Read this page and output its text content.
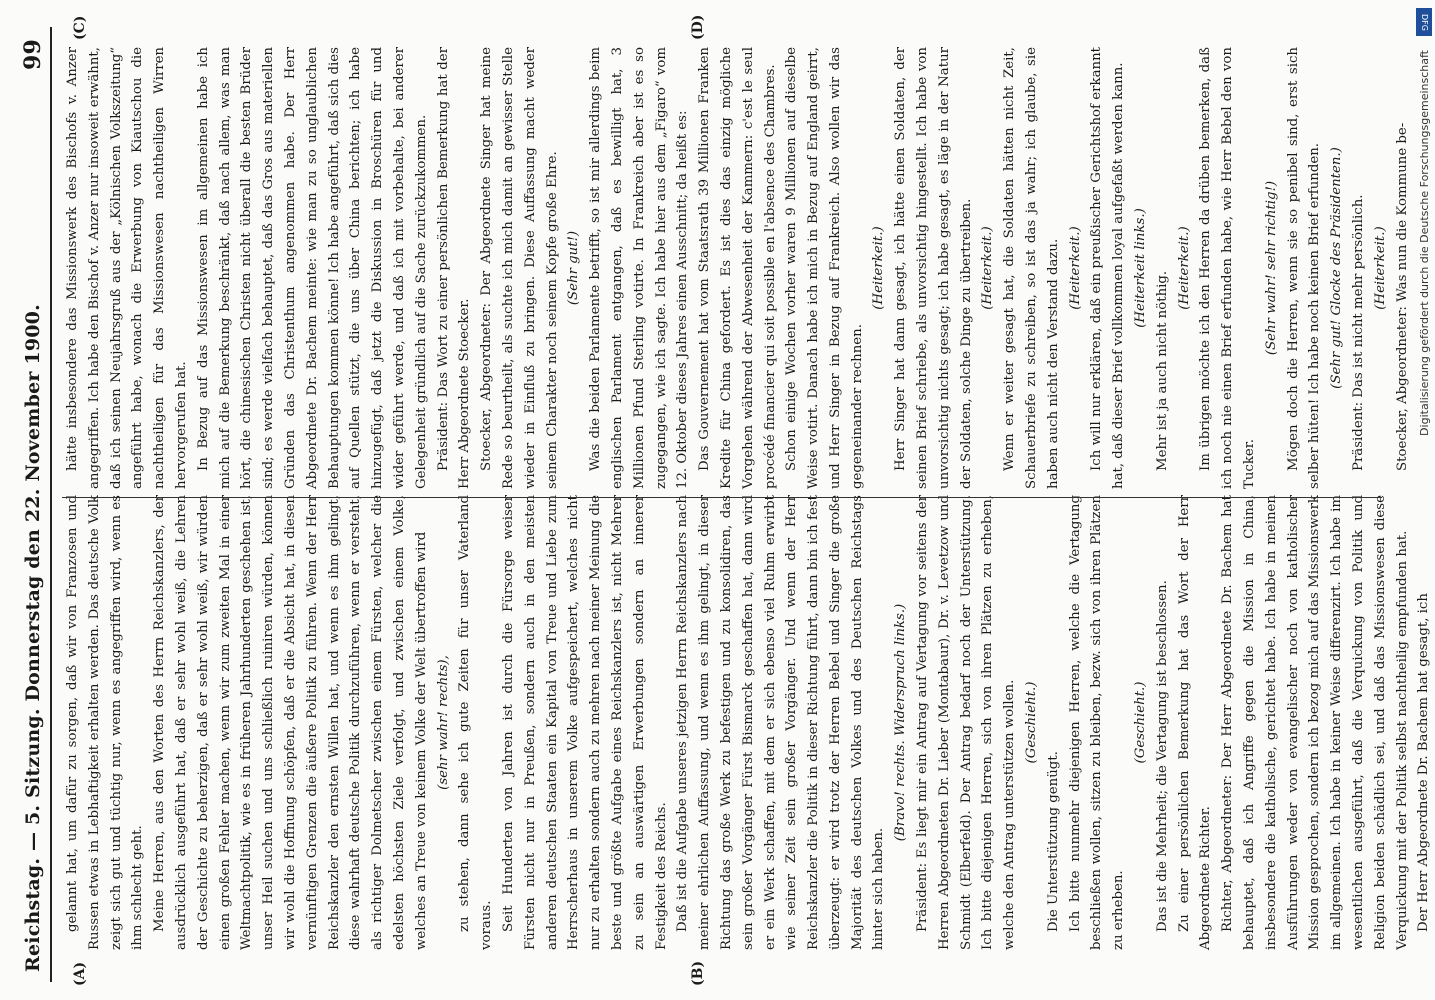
Reichstag. — 5. Sitzung. Donnerstag den 22. November 1900.
99
(A)	(B)
(C)	(D)

gelannt hat, um dafür zu sorgen, daß wir von Franzosen und Russen etwas in Lebhaftigkeit erhalten werden. Das deutsche Volk zeigt sich gut und tüchtig nur, wenn es angegriffen wird, wenn es ihm schlecht geht. Meine Herren, aus den Worten des Herrn Reichskanzlers, der ausdrücklich ausgeführt hat, daß er sehr wohl weiß, die Lehren der Geschichte zu beherzigen, daß er sehr wohl weiß, wir würden einen großen Fehler machen, wenn wir zum zweiten Mal in einer Weltmachtpolitik, wie es in früheren Jahrhunderten geschehen ist, unser Heil suchen und uns schließlich ruiniren würden, können wir wohl die Hoffnung schöpfen, daß er die Absicht hat, in diesen vernünftigen Grenzen die äußere Politik zu führen. Wenn der Herr Reichskanzler den ernsten Willen hat, und wenn es ihm gelingt, diese wahrhaft deutsche Politik durchzuführen, wenn er versteht, als richtiger Dolmetscher zwischen einem Fürsten, welcher die edelsten höchsten Ziele verfolgt, und zwischen einem Volke, welches an Treue von keinem Volke der Welt übertroffen wird (sehr wahr! rechts), zu stehen, dann sehe ich gute Zeiten für unser Vaterland voraus. Seit Hunderten von Jahren ist durch die Fürsorge weiser Fürsten nicht nur in Preußen, sondern auch in den meisten anderen deutschen Staaten ein Kapital von Treue und Liebe zum Herrscherhaus in unserem Volke aufgespeichert, welches nicht nur zu erhalten sondern auch zu mehren nach meiner Meinung die beste und größte Aufgabe eines Reichskanzlers ist, nicht Mehrer zu sein an auswärtigen Erwerbungen sondern an innerer Festigkeit des Reichs. Daß ist die Aufgabe unseres jetzigen Herrn Reichskanzlers nach meiner ehrlichen Auffassung, und wenn es ihm gelingt, in dieser Richtung das große Werk zu befestigen und zu konsolidiren, das sein großer Vorgänger Fürst Bismarck geschaffen hat, dann wird er ein Werk schaffen, mit dem er sich ebenso viel Ruhm erwirbt wie seiner Zeit sein großer Vorgänger. Und wenn der Herr Reichskanzler die Politik in dieser Richtung führt, dann bin ich fest überzeugt: er wird trotz der Herren Bebel und Singer die große Majorität des deutschen Volkes und des Deutschen Reichstags hinter sich haben.

(Bravo! rechts. Widerspruch links.) Präsident: Es liegt mir ein Antrag auf Vertagung vor seitens der Herren Abgeordneten Dr. Lieber (Montabaur), Dr. v. Levetzow und Schmidt (Elberfeld). Der Antrag bedarf noch der Unterstützung. Ich bitte diejenigen Herren, sich von ihren Plätzen zu erheben, welche den Antrag unterstützen wollen. (Geschieht.)

Die Unterstützung genügt. Ich bitte nunmehr diejenigen Herren, welche die Vertagung beschließen wollen, sitzen zu bleiben, bezw. sich von ihren Plätzen zu erheben.

(Geschieht.) Das ist die Mehrheit; die Vertagung ist beschlossen. Zu einer persönlichen Bemerkung hat das Wort der Herr Abgeordnete Richter. Richter, Abgeordneter: Der Herr Abgeordnete Dr. Bachem hat behauptet, daß ich Angriffe gegen die Mission in China, insbesondere die katholische, gerichtet habe. Ich habe in meinen Ausführungen weder von evangelischer noch von katholischer Mission gesprochen, sondern ich bezog mich auf das Missionswerk im allgemeinen. Ich habe in keiner Weise differenzirt. Ich habe im wesentlichen ausgeführt, daß die Verquickung von Politik und Religion beiden schädlich sei, und daß das Missionswesen diese Verquickung mit der Politik selbst nachtheilig empfunden hat. Der Herr Abgeordnete Dr. Bachem hat gesagt, ich

hätte insbesondere das Missionswerk des Bischofs v. Anzer angegriffen. Ich habe den Bischof v. Anzer nur insoweit erwähnt, daß ich seinen Neujahrsgruß aus der „Kölnischen Volkszeitung“ angeführt habe, wonach die Erwerbung von Kiautschou die nachtheiligen für das Missionswesen nachtheiligen Wirren hervorgerufen hat. In Bezug auf das Missionswesen im allgemeinen habe ich mich auf die Bemerkung beschränkt, daß nach allem, was man hört, die chinesischen Christen nicht überall die besten Brüder sind; es werde vielfach behauptet, daß das Gros aus materiellen Gründen das Christenthum angenommen habe. Der Herr Abgeordnete Dr. Bachem meinte: wie man zu so unglaublichen Behauptungen kommen könne! Ich habe angeführt, daß sich dies auf Quellen stützt, die uns über China berichten; ich habe hinzugefügt, daß jetzt die Diskussion in Broschüren für und wider geführt werde, und daß ich mit vorbehalte, bei anderer Gelegenheit gründlich auf die Sache zurückzukommen. Präsident: Das Wort zu einer persönlichen Bemerkung hat der Herr Abgeordnete Stoecker. Stoecker, Abgeordneter: Der Abgeordnete Singer hat meine Rede so beurtheilt, als suchte ich mich damit an gewisser Stelle wieder in Einfluß zu bringen. Diese Auffassung macht weder seinem Charakter noch seinem Kopfe große Ehre. (Sehr gut!) Was die beiden Parlamente betrifft, so ist mir allerdings beim englischen Parlament entgangen, daß es bewilligt hat, 3 Millionen Pfund Sterling votirte. In Frankreich aber ist es so zugegangen, wie ich sagte. Ich habe hier aus dem „Figaro“ vom 12. Oktober dieses Jahres einen Ausschnitt; da heißt es: Das Gouvernement hat vom Staatsrath 39 Millionen Franken Kredite für China gefordert. Es ist dies das einzig mögliche Vorgehen während der Abwesenheit der Kammern: c'est le seul procédé financier qui soit possible en l'absence des Chambres. Schon einige Wochen vorher waren 9 Millionen auf dieselbe Weise votirt. Danach habe ich mich in Bezug auf England geirrt, und Herr Singer in Bezug auf Frankreich. Also wollen wir das gegeneinander rechnen.

(Heiterkeit.) Herr Singer hat dann gesagt, ich hätte einen Soldaten, der seinen Brief schriebe, als unvorsichtig hingestellt. Ich habe von unvorsichtig nichts gesagt; ich habe gesagt, es läge in der Natur der Soldaten, solche Dinge zu übertreiben. (Heiterkeit.) Wenn er weiter gesagt hat, die Soldaten hätten nicht Zeit, Schauerbriefe zu schreiben, so ist das ja wahr; ich glaube, sie haben auch nicht den Verstand dazu. (Heiterkeit.) Ich will nur erklären, daß ein preußischer Gerichtshof erkannt hat, daß dieser Brief vollkommen loyal aufgefaßt werden kann. (Heiterkeit links.)

Mehr ist ja auch nicht nöthig.

(Heiterkeit.) Im übrigen möchte ich den Herren da drüben bemerken, daß ich noch nie einen Brief erfunden habe, wie Herr Bebel den von Tucker.

(Sehr wahr! sehr richtig!) Mögen doch die Herren, wenn sie so penibel sind, erst sich selber hüten! Ich habe noch keinen Brief erfunden. (Sehr gut! Glocke des Präsidenten.) Präsident: Das ist nicht mehr persönlich. (Heiterkeit.) Stoecker, Abgeordneter: Was nun die Kommune be- Digitalisierung gefördert durch die Deutsche Forschungsgemeinschaft
DFG
